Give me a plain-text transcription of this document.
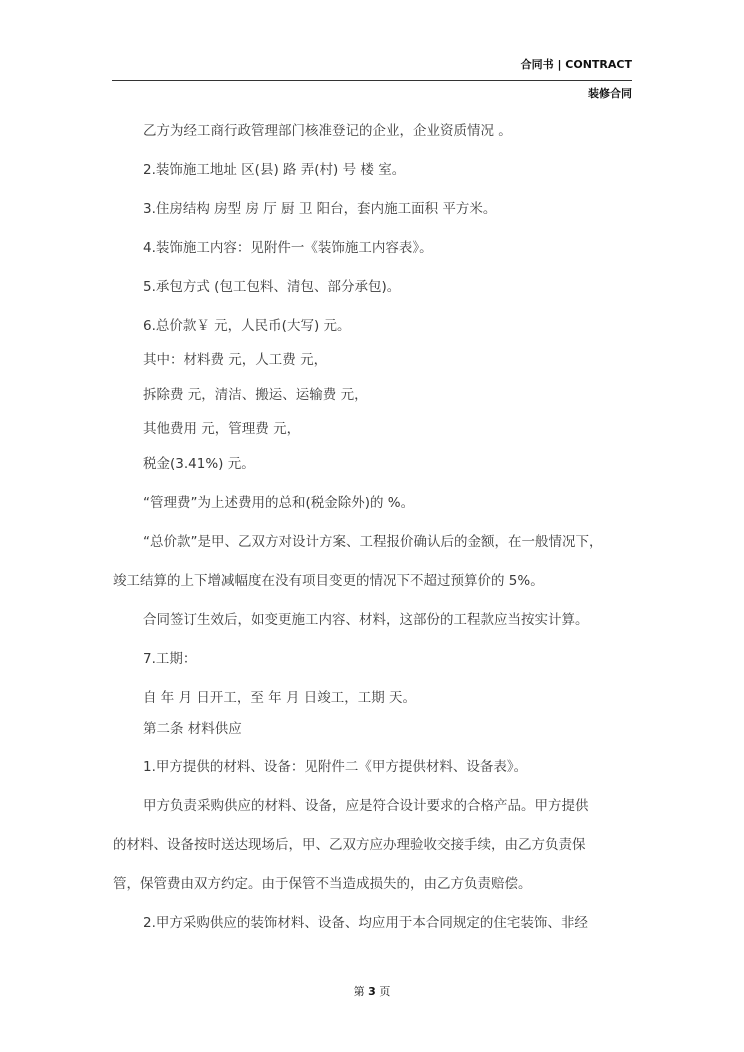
合同书 | CONTRACT
装修合同
乙方为经工商行政管理部门核准登记的企业，企业资质情况 。
2.装饰施工地址 区(县) 路 弄(村) 号 楼 室。
3.住房结构 房型 房 厅 厨 卫 阳台，套内施工面积 平方米。
4.装饰施工内容：见附件一《装饰施工内容表》。
5.承包方式 (包工包料、清包、部分承包)。
6.总价款￥ 元，人民币(大写) 元。
其中：材料费 元，人工费 元，
拆除费 元，清洁、搬运、运输费 元，
其他费用 元，管理费 元，
税金(3.41%) 元。
“管理费”为上述费用的总和(税金除外)的 %。
“总价款”是甲、乙双方对设计方案、工程报价确认后的金额，在一般情况下，
竣工结算的上下增减幅度在没有项目变更的情况下不超过预算价的 5%。
合同签订生效后，如变更施工内容、材料，这部份的工程款应当按实计算。
7.工期：
自 年 月 日开工，至 年 月 日竣工，工期 天。
第二条 材料供应
1.甲方提供的材料、设备：见附件二《甲方提供材料、设备表》。
甲方负责采购供应的材料、设备，应是符合设计要求的合格产品。甲方提供
的材料、设备按时送达现场后，甲、乙双方应办理验收交接手续，由乙方负责保
管，保管费由双方约定。由于保管不当造成损失的，由乙方负责赔偿。
2.甲方采购供应的装饰材料、设备、均应用于本合同规定的住宅装饰、非经
第 3 页
